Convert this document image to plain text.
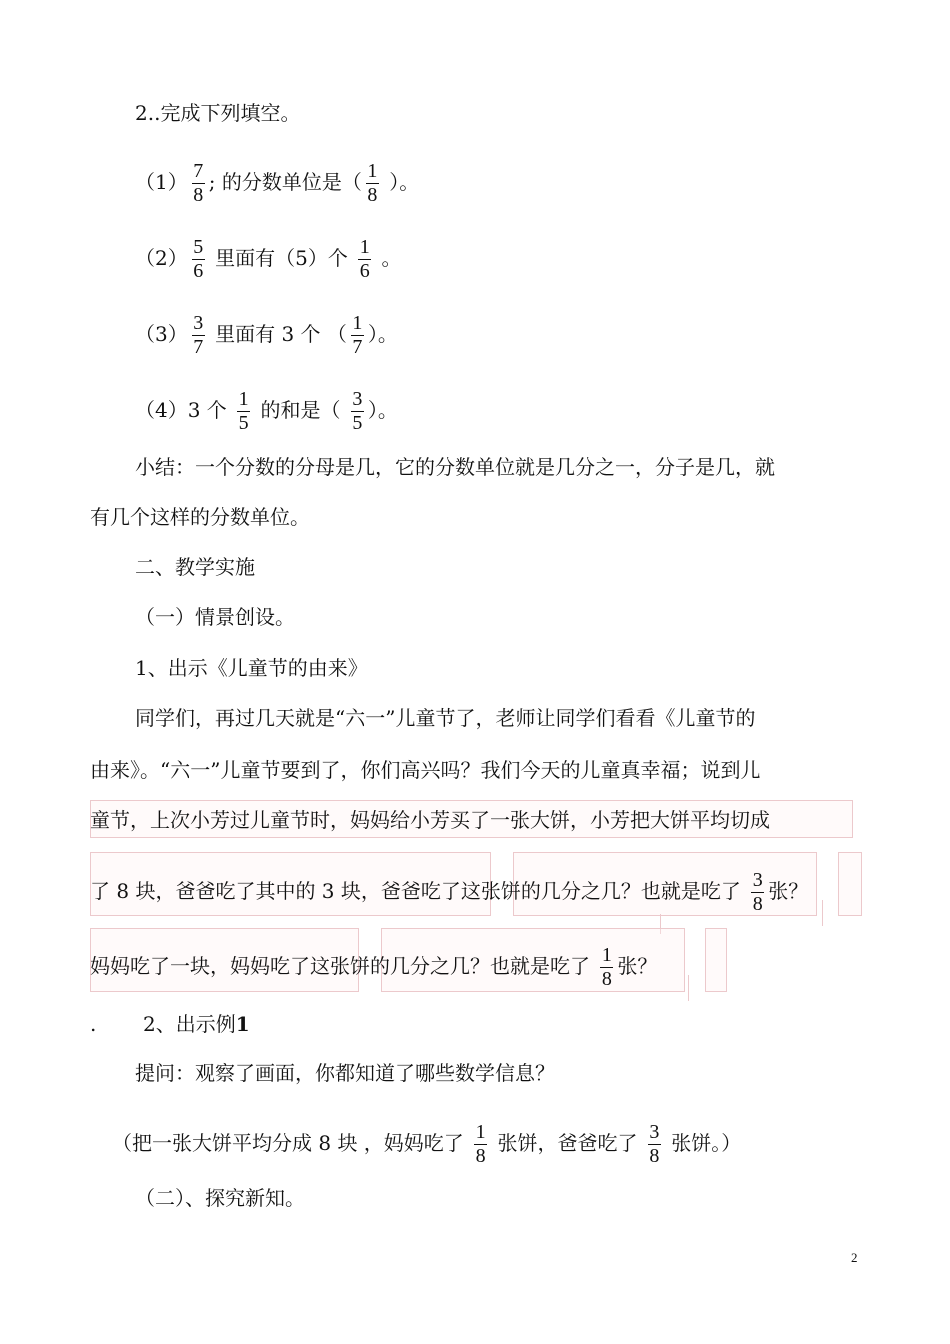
2..完成下列填空。
$(1) \frac{7}{8}$ ; 的分数单位是（ $\frac{1}{8}$ ）。
$(2) \frac{5}{6}$ 里面有（5）个 $\frac{1}{6}$ 。
$(3) \frac{3}{7}$ 里面有 3 个 （ $\frac{1}{7}$ ）。
（4）3 个 $\frac{1}{5}$ 的和是（ $\frac{3}{5}$ ）。
小结：一个分数的分母是几，它的分数单位就是几分之一，分子是几，就
有几个这样的分数单位。
二、教学实施
（一）情景创设。
1、出示《儿童节的由来》
同学们，再过几天就是“六一”儿童节了，老师让同学们看看《儿童节的
由来》。“六一”儿童节要到了，你们高兴吗？我们今天的儿童真幸福；说到儿
童节，上次小芳过儿童节时，妈妈给小芳买了一张大饼，小芳把大饼平均切成
了 8 块，爸爸吃了其中的 3 块，爸爸吃了这张饼的几分之几？也就是吃了 $\frac{3}{8}$ 张？
妈妈吃了一块，妈妈吃了这张饼的几分之几？也就是吃了 $\frac{1}{8}$ 张？
. 2、出示例1
提问：观察了画面，你都知道了哪些数学信息？
（把一张大饼平均分成 8 块 ，妈妈吃了 $\frac{1}{8}$ 张饼，爸爸吃了 $\frac{3}{8}$ 张饼。）
（二）、探究新知。
2
